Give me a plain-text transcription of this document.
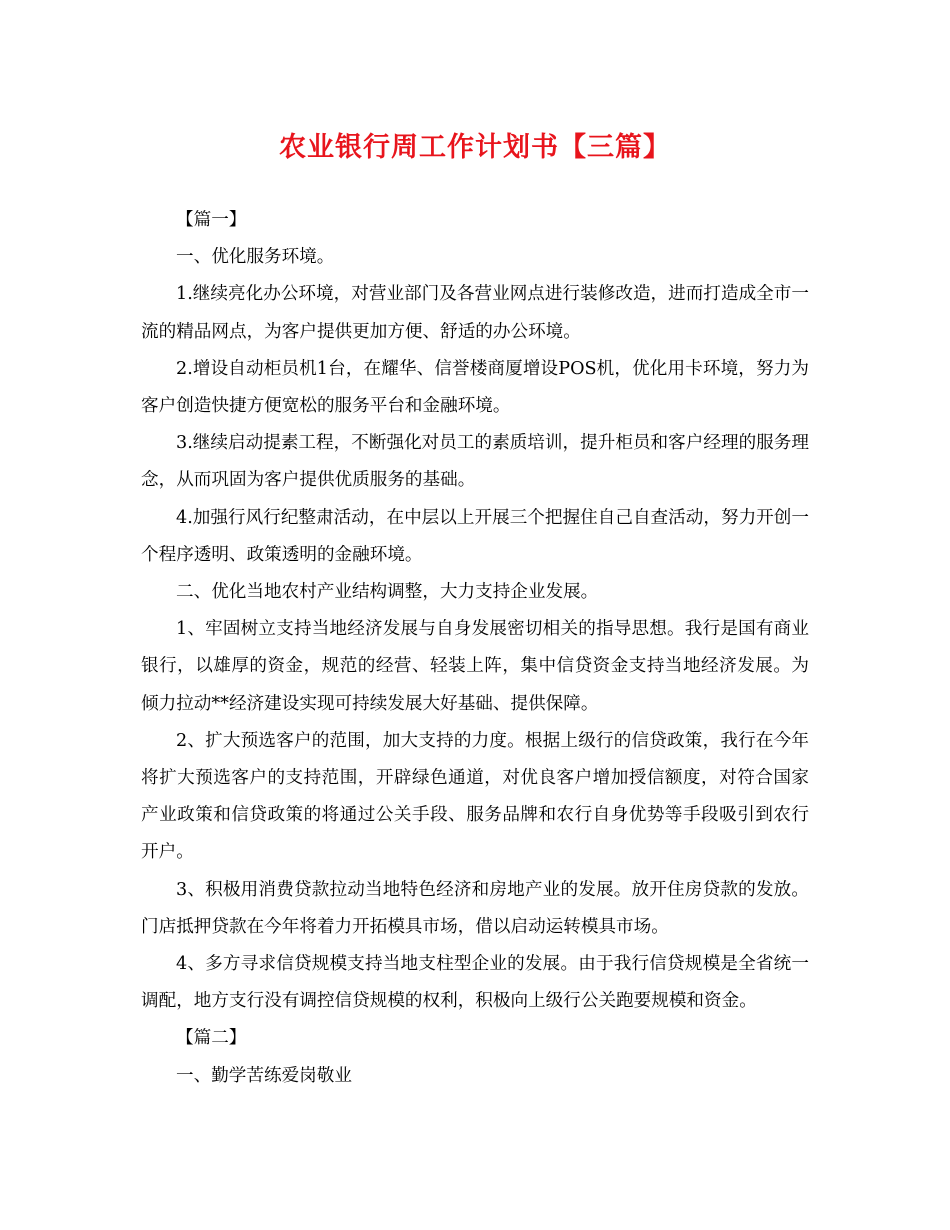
农业银行周工作计划书【三篇】

【篇一】

一、优化服务环境。

1.继续亮化办公环境，对营业部门及各营业网点进行装修改造，进而打造成全市一流的精品网点，为客户提供更加方便、舒适的办公环境。

2.增设自动柜员机1台，在耀华、信誉楼商厦增设POS机，优化用卡环境，努力为客户创造快捷方便宽松的服务平台和金融环境。

3.继续启动提素工程，不断强化对员工的素质培训，提升柜员和客户经理的服务理念，从而巩固为客户提供优质服务的基础。

4.加强行风行纪整肃活动，在中层以上开展三个把握住自己自查活动，努力开创一个程序透明、政策透明的金融环境。

二、优化当地农村产业结构调整，大力支持企业发展。

1、牢固树立支持当地经济发展与自身发展密切相关的指导思想。我行是国有商业银行，以雄厚的资金，规范的经营、轻装上阵，集中信贷资金支持当地经济发展。为倾力拉动**经济建设实现可持续发展大好基础、提供保障。

2、扩大预选客户的范围，加大支持的力度。根据上级行的信贷政策，我行在今年将扩大预选客户的支持范围，开辟绿色通道，对优良客户增加授信额度，对符合国家产业政策和信贷政策的将通过公关手段、服务品牌和农行自身优势等手段吸引到农行开户。

3、积极用消费贷款拉动当地特色经济和房地产业的发展。放开住房贷款的发放。门店抵押贷款在今年将着力开拓模具市场，借以启动运转模具市场。

4、多方寻求信贷规模支持当地支柱型企业的发展。由于我行信贷规模是全省统一调配，地方支行没有调控信贷规模的权利，积极向上级行公关跑要规模和资金。

【篇二】

一、勤学苦练爱岗敬业
